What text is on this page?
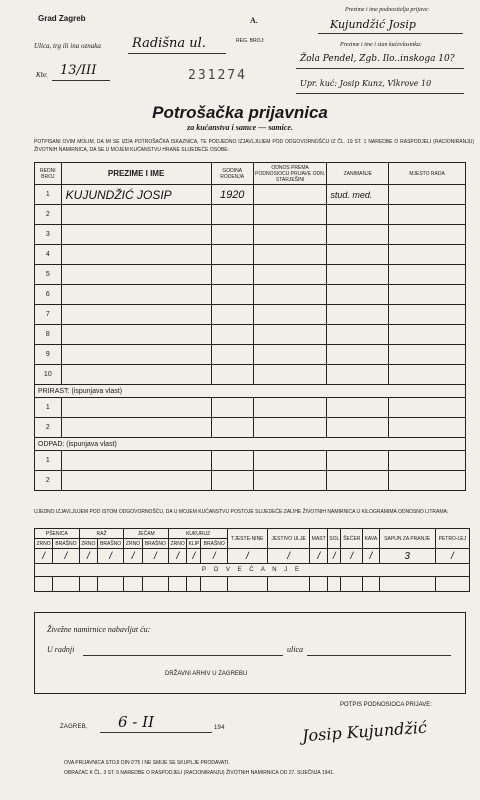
Grad Zagreb	A.
REG. BROJ:
Ulica, trg ili ina oznaka Radišna ul.
Kbr. 13/III	231274
Prezime i ime podnositelja prijave:
Kujundžić Josip
Prezime i ime i stan kućevlasnika:
Žola Pendel, Zgb. Ilo..inskoga 10?
Upr. kuć: Josip Kunz, Vlkrove 10
Potrošačka prijavnica
za kućanstva i samce — samice.
POTPISANI OVIM MOLIM, DA MI SE IZDA POTROŠAČKA ISKAZNICA, TE PODJEDNO IZJAVLJUJEM POD ODGOVORNOŠĆU IZ ČL. 19 ST. 1 NAREDBE O RASPODJELI (RACIONIRANJU) ŽIVOTNIH NAMIRNICA, DA SE U MOJEM KUĆANSTVU HRANE SLIJEDEĆE OSOBE:
REDNI BROJ	PREZIME I IME	GODINA RODENJA	ODNOS PREMA PODNOSIOCU PRIJAVE ODN. STARJEŠINI	ZANIMANJE	MJESTO RADA
1	KUJUNDŽIĆ JOSIP	1920		stud. med.	
2					
3					
4					
5					
6					
7					
8					
9					
10					
PRIRAST: (ispunjava vlast)					
1					
2					
ODPAD: (ispunjava vlast)					
1					
2					
UJEDNO IZJAVLJUJEM POD ISTOM ODGOVORNOŠĆU, DA U MOJEM KUĆANSTVU POSTOJE SLIJEDEĆE ZALIHE ŽIVOTNIH NAMIRNICA U KILOGRAMIMA ODNOSNO LITRAMA:
PŠENICA		RAŽ		JEČAM		KUKURUZ			TJESTE-NINE	JESTIVO ULJE	MAST	SOL	ŠEĆER	KAVA	SAPUN ZA PRANJE	PETRO-LEJ
ZRNO	BRAŠNO	ZRNO	BRAŠNO	ZRNO	BRAŠNO	ZRNO	KLIP	BRAŠNO								
/	/	/	/	/	/	/	/	/	/	/	/	/	/	/	3	/
P O V E Ć A N J E																

Živežne namirnice nabavljat ću:
U radnji	ulica
DRŽAVNI ARHIV U ZAGREBU
ZAGREB, 6 - II	194
POTPIS PODNOSIOCA PRIJAVE:
Josip Kujundžić
OVA PRIJAVNICA STOJI DIN 0'75 I NE SMIJE SE SKUPLJE PRODAVATI.
OBRAZAC K ČL. 3 ST. 5 NAREDBE O RASPODJELI (RACIONIRANJU) ŽIVOTNIH NAMIRNICA OD 27. SIJEČNJA 1941.
